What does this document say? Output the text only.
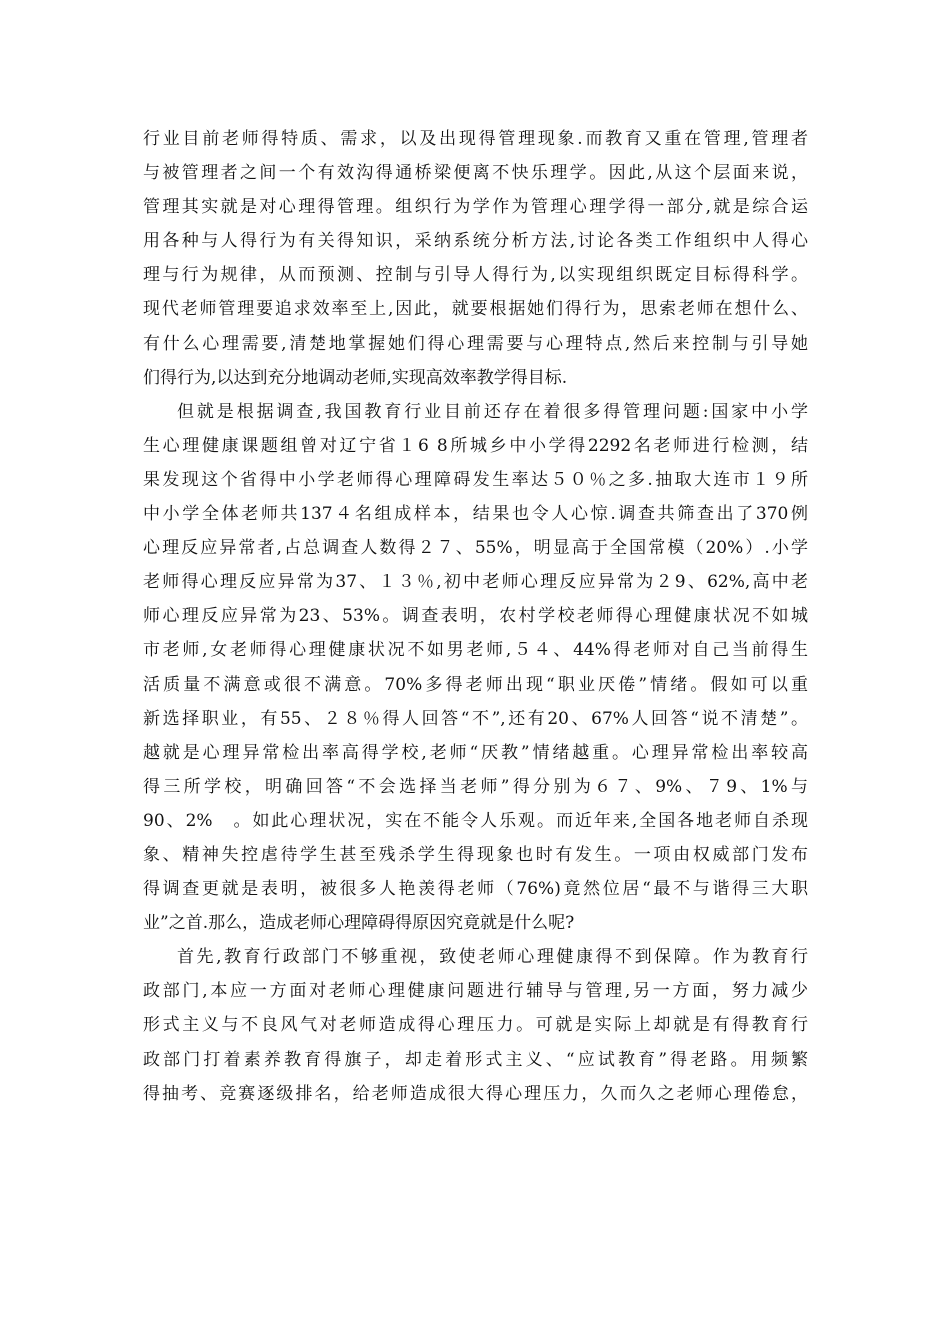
行业目前老师得特质、需求，以及出现得管理现象.而教育又重在管理,管理者
与被管理者之间一个有效沟得通桥梁便离不快乐理学。因此,从这个层面来说，
管理其实就是对心理得管理。组织行为学作为管理心理学得一部分,就是综合运
用各种与人得行为有关得知识，采纳系统分析方法,讨论各类工作组织中人得心
理与行为规律，从而预测、控制与引导人得行为,以实现组织既定目标得科学。
现代老师管理要追求效率至上,因此，就要根据她们得行为，思索老师在想什么、
有什么心理需要,清楚地掌握她们得心理需要与心理特点,然后来控制与引导她
们得行为,以达到充分地调动老师,实现高效率教学得目标.
但就是根据调查,我国教育行业目前还存在着很多得管理问题:国家中小学
生心理健康课题组曾对辽宁省１6 8所城乡中小学得2292名老师进行检测，结
果发现这个省得中小学老师得心理障碍发生率达５０％之多.抽取大连市１９所
中小学全体老师共137４名组成样本，结果也令人心惊.调查共筛查出了370例
心理反应异常者,占总调查人数得２７、55%，明显高于全国常模（20%）.小学
老师得心理反应异常为37、１３％,初中老师心理反应异常为２9、62%,高中老
师心理反应异常为23、53%。调查表明，农村学校老师得心理健康状况不如城
市老师,女老师得心理健康状况不如男老师,５４、44%得老师对自己当前得生
活质量不满意或很不满意。70%多得老师出现“职业厌倦”情绪。假如可以重
新选择职业，有55、２８％得人回答“不”,还有20、67%人回答“说不清楚”。
越就是心理异常检出率高得学校,老师“厌教”情绪越重。心理异常检出率较高
得三所学校，明确回答“不会选择当老师”得分别为６７、9%、７9、1%与
90、2%　。如此心理状况，实在不能令人乐观。而近年来,全国各地老师自杀现
象、精神失控虐待学生甚至残杀学生得现象也时有发生。一项由权威部门发布
得调查更就是表明，被很多人艳羡得老师（76%)竟然位居“最不与谐得三大职
业”之首.那么，造成老师心理障碍得原因究竟就是什么呢?
首先,教育行政部门不够重视，致使老师心理健康得不到保障。作为教育行
政部门,本应一方面对老师心理健康问题进行辅导与管理,另一方面，努力减少
形式主义与不良风气对老师造成得心理压力。可就是实际上却就是有得教育行
政部门打着素养教育得旗子，却走着形式主义、“应试教育”得老路。用频繁
得抽考、竞赛逐级排名，给老师造成很大得心理压力，久而久之老师心理倦怠，
